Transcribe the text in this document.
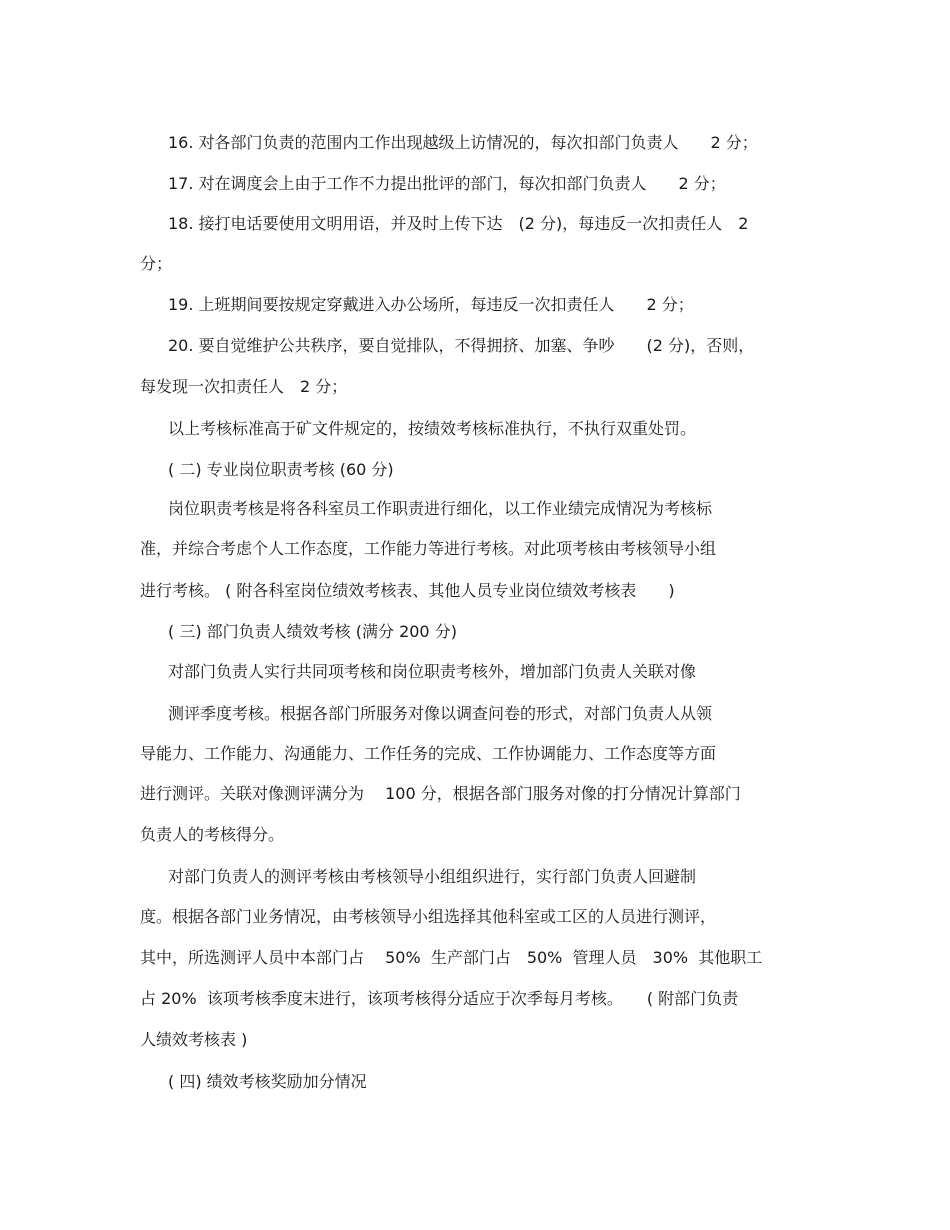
16. 对各部门负责的范围内工作出现越级上访情况的，每次扣部门负责人　　2 分；
17. 对在调度会上由于工作不力提出批评的部门，每次扣部门负责人　　2 分；
18. 接打电话要使用文明用语，并及时上传下达　(2 分)，每违反一次扣责任人　2
分；
19. 上班期间要按规定穿戴进入办公场所，每违反一次扣责任人　　2 分；
20. 要自觉维护公共秩序，要自觉排队，不得拥挤、加塞、争吵　　(2 分)，否则，
每发现一次扣责任人　2 分；
以上考核标准高于矿文件规定的，按绩效考核标准执行，不执行双重处罚。
( 二) 专业岗位职责考核 (60 分)
岗位职责考核是将各科室员工作职责进行细化，以工作业绩完成情况为考核标
准，并综合考虑个人工作态度，工作能力等进行考核。对此项考核由考核领导小组
进行考核。 ( 附各科室岗位绩效考核表、其他人员专业岗位绩效考核表　　)
( 三) 部门负责人绩效考核 (满分 200 分)
对部门负责人实行共同项考核和岗位职责考核外，增加部门负责人关联对像
测评季度考核。根据各部门所服务对像以调查问卷的形式，对部门负责人从领
导能力、工作能力、沟通能力、工作任务的完成、工作协调能力、工作态度等方面
进行测评。关联对像测评满分为　 100 分，根据各部门服务对像的打分情况计算部门
负责人的考核得分。
对部门负责人的测评考核由考核领导小组组织进行，实行部门负责人回避制
度。根据各部门业务情况，由考核领导小组选择其他科室或工区的人员进行测评，
其中，所选测评人员中本部门占　 50%  生产部门占　50%  管理人员　30%  其他职工
占 20%  该项考核季度末进行，该项考核得分适应于次季每月考核。　　( 附部门负责
人绩效考核表 )
( 四) 绩效考核奖励加分情况
